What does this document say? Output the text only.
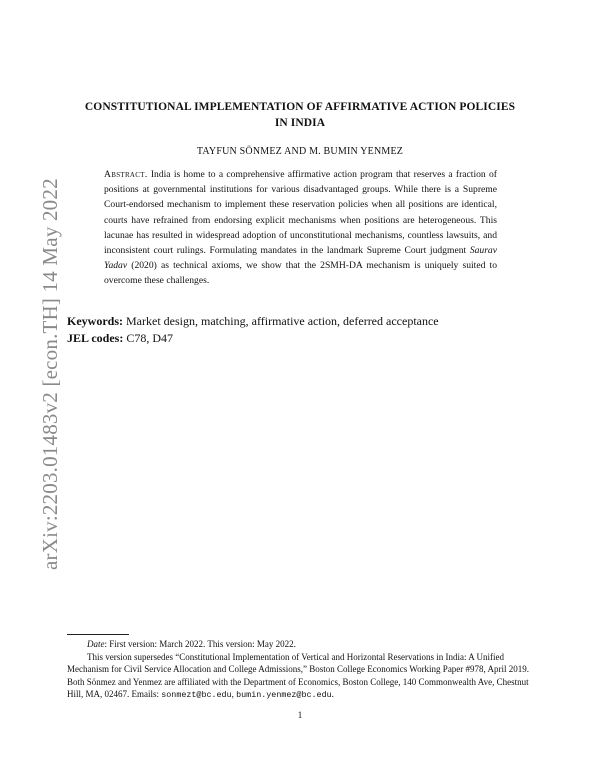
arXiv:2203.01483v2 [econ.TH] 14 May 2022
CONSTITUTIONAL IMPLEMENTATION OF AFFIRMATIVE ACTION POLICIES
IN INDIA
TAYFUN SÖNMEZ AND M. BUMIN YENMEZ
Abstract. India is home to a comprehensive affirmative action program that reserves a fraction of positions at governmental institutions for various disadvantaged groups. While there is a Supreme Court-endorsed mechanism to implement these reservation policies when all positions are identical, courts have refrained from endorsing explicit mechanisms when positions are heterogeneous. This lacunae has resulted in widespread adoption of unconstitutional mechanisms, countless lawsuits, and inconsistent court rulings. Formulating mandates in the landmark Supreme Court judgment Saurav Yadav (2020) as technical axioms, we show that the 2SMH-DA mechanism is uniquely suited to overcome these challenges.
Keywords: Market design, matching, affirmative action, deferred acceptance
JEL codes: C78, D47

Date: First version: March 2022. This version: May 2022.

This version supersedes “Constitutional Implementation of Vertical and Horizontal Reservations in India: A Unified Mechanism for Civil Service Allocation and College Admissions,” Boston College Economics Working Paper #978, April 2019. Both Sönmez and Yenmez are affiliated with the Department of Economics, Boston College, 140 Commonwealth Ave, Chestnut Hill, MA, 02467. Emails: sonmezt@bc.edu, bumin.yenmez@bc.edu.

1
